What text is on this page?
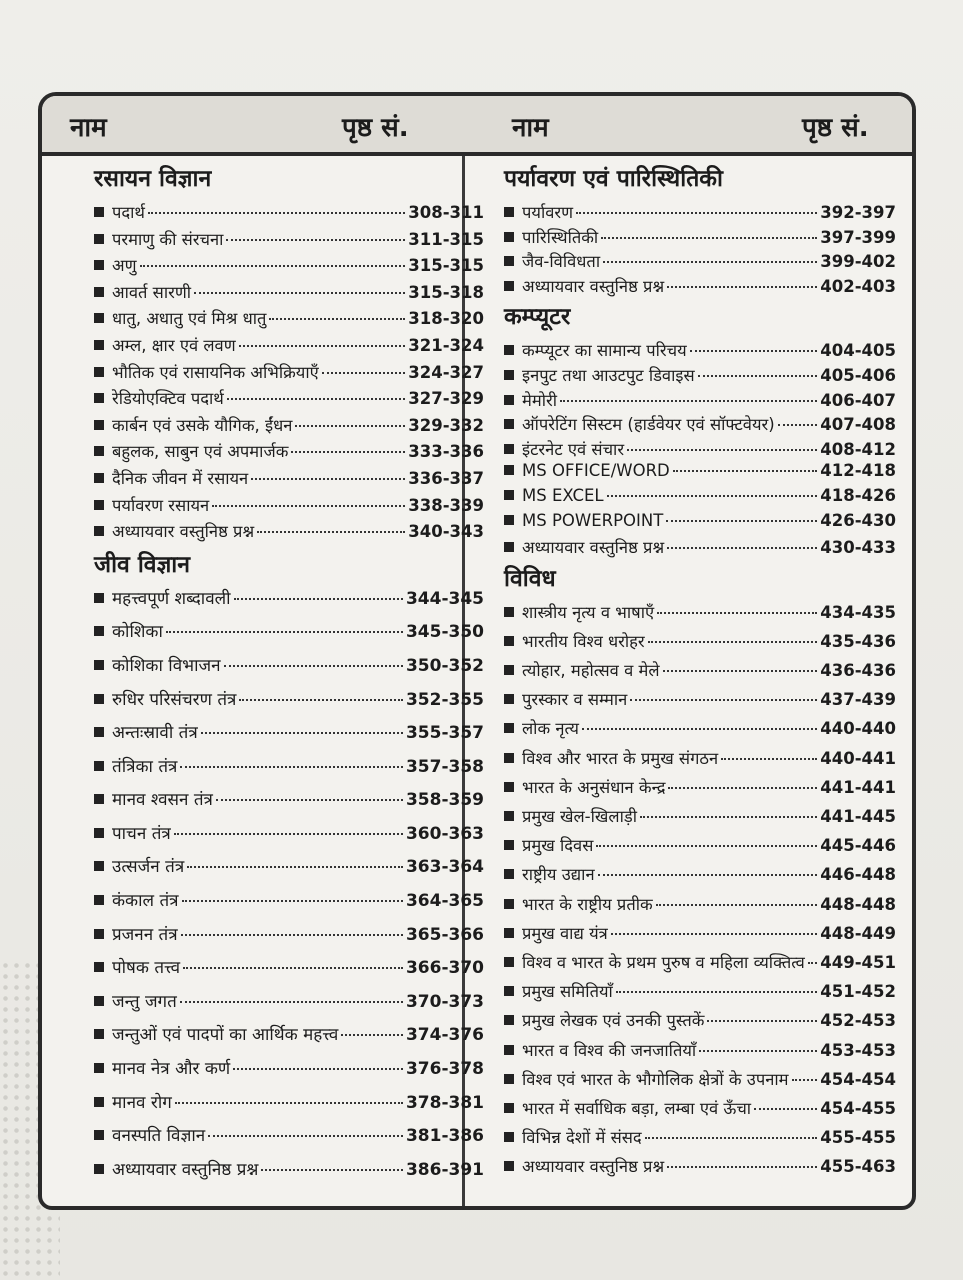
नाम	पृष्ठ सं.	नाम	पृष्ठ सं.
रसायन विज्ञान
पदार्थ	308-311
परमाणु की संरचना	311-315
अणु	315-315
आवर्त सारणी	315-318
धातु, अधातु एवं मिश्र धातु	318-320
अम्ल, क्षार एवं लवण	321-324
भौतिक एवं रासायनिक अभिक्रियाएँ	324-327
रेडियोएक्टिव पदार्थ	327-329
कार्बन एवं उसके यौगिक, ईंधन	329-332
बहुलक, साबुन एवं अपमार्जक	333-336
दैनिक जीवन में रसायन	336-337
पर्यावरण रसायन	338-339
अध्यायवार वस्तुनिष्ठ प्रश्न	340-343
जीव विज्ञान
महत्त्वपूर्ण शब्दावली	344-345
कोशिका	345-350
कोशिका विभाजन	350-352
रुधिर परिसंचरण तंत्र	352-355
अन्तःस्रावी तंत्र	355-357
तंत्रिका तंत्र	357-358
मानव श्वसन तंत्र	358-359
पाचन तंत्र	360-363
उत्सर्जन तंत्र	363-364
कंकाल तंत्र	364-365
प्रजनन तंत्र	365-366
पोषक तत्त्व	366-370
जन्तु जगत	370-373
जन्तुओं एवं पादपों का आर्थिक महत्त्व	374-376
मानव नेत्र और कर्ण	376-378
मानव रोग	378-381
वनस्पति विज्ञान	381-386
अध्यायवार वस्तुनिष्ठ प्रश्न	386-391
पर्यावरण एवं पारिस्थितिकी
पर्यावरण	392-397
पारिस्थितिकी	397-399
जैव-विविधता	399-402
अध्यायवार वस्तुनिष्ठ प्रश्न	402-403
कम्प्यूटर
कम्प्यूटर का सामान्य परिचय	404-405
इनपुट तथा आउटपुट डिवाइस	405-406
मेमोरी	406-407
ऑपरेटिंग सिस्टम (हार्डवेयर एवं सॉफ्टवेयर)	407-408
इंटरनेट एवं संचार	408-412
MS OFFICE/WORD	412-418
MS EXCEL	418-426
MS POWERPOINT	426-430
अध्यायवार वस्तुनिष्ठ प्रश्न	430-433
विविध
शास्त्रीय नृत्य व भाषाएँ	434-435
भारतीय विश्व धरोहर	435-436
त्योहार, महोत्सव व मेले	436-436
पुरस्कार व सम्मान	437-439
लोक नृत्य	440-440
विश्व और भारत के प्रमुख संगठन	440-441
भारत के अनुसंधान केन्द्र	441-441
प्रमुख खेल-खिलाड़ी	441-445
प्रमुख दिवस	445-446
राष्ट्रीय उद्यान	446-448
भारत के राष्ट्रीय प्रतीक	448-448
प्रमुख वाद्य यंत्र	448-449
विश्व व भारत के प्रथम पुरुष व महिला व्यक्तित्व 449-451
प्रमुख समितियाँ	451-452
प्रमुख लेखक एवं उनकी पुस्तकें	452-453
भारत व विश्व की जनजातियाँ	453-453
विश्व एवं भारत के भौगोलिक क्षेत्रों के उपनाम 454-454
भारत में सर्वाधिक बड़ा, लम्बा एवं ऊँचा	454-455
विभिन्न देशों में संसद	455-455
अध्यायवार वस्तुनिष्ठ प्रश्न	455-463
